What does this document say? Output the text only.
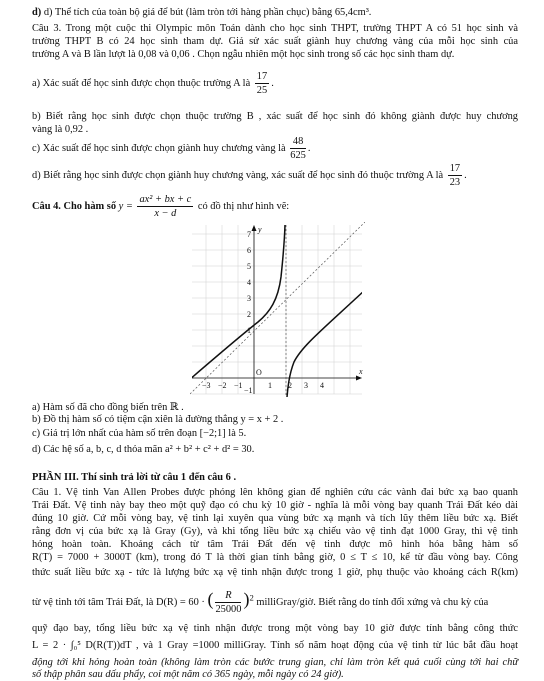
d) d) Thể tích của toàn bộ giá để bút (làm tròn tới hàng phần chục) bằng 65,4cm³.
Câu 3. Trong một cuộc thi Olympic môn Toán dành cho học sinh THPT, trường THPT A có 51 học sinh và
trường THPT B có 24 học sinh tham dự. Giả sử xác suất giành huy chương vàng của mỗi học sinh của
trường A và B lần lượt là 0,08 và 0,06 . Chọn ngẫu nhiên một học sinh trong số các học sinh tham dự.
a) Xác suất để học sinh được chọn thuộc trường A là $\frac{17}{25}$ .
b) Biết rằng học sinh được chọn thuộc trường B , xác suất để học sinh đó không giành được huy chương
vàng là 0,92 .
c) Xác suất để học sinh được chọn giành huy chương vàng là $\frac{48}{625}$ .
d) Biết rằng học sinh được chọn giành huy chương vàng, xác suất để học sinh đó thuộc trường A là $\frac{17}{23}$ .
Câu 4. Cho hàm số $y = \frac{\text{ax² + bx + c}}{x - d}$ có đồ thị như hình vẽ:
x
y
O
−3 −2 −1	1 2 3 4
7
6
5
4
3
2
1
−1
a) Hàm số đã cho đồng biến trên ℝ .
b) Đồ thị hàm số có tiệm cận xiên là đường thẳng y = x + 2 .
c) Giá trị lớn nhất của hàm số trên đoạn [−2;1] là 5.
d) Các hệ số a, b, c, d thỏa mãn a² + b² + c² + d² = 30.
PHẦN III. Thí sinh trả lời từ câu 1 đến câu 6 .
Câu 1. Vệ tinh Van Allen Probes được phóng lên không gian để nghiên cứu các vành đai bức xạ bao quanh
Trái Đất. Vệ tinh này bay theo một quỹ đạo có chu kỳ 10 giờ - nghĩa là mỗi vòng bay quanh Trái Đất kéo dài
đúng 10 giờ. Cứ mỗi vòng bay, vệ tinh lại xuyên qua vùng bức xạ mạnh và tích lũy thêm liều bức xạ. Biết
rằng đơn vị của bức xạ là Gray (Gy), và khi tổng liều bức xạ chiếu vào vệ tinh đạt 1000 Gray, thì vệ tinh
hỏng hoàn toàn. Khoảng cách từ tâm Trái Đất đến vệ tinh được mô hình hóa bằng hàm số
R(T) = 7000 + 3000T (km), trong đó T là thời gian tính bằng giờ, 0 ≤ T ≤ 10, kể từ đầu vòng bay. Công
thức suất liều bức xạ - tức là lượng bức xạ vệ tinh nhận được trong 1 giờ, phụ thuộc vào khoảng cách R(km)
từ vệ tinh tới tâm Trái Đất, là D(R) = 60 · ( $\frac{R}{25000} )^2$ milliGray/giờ. Biết rằng do tính đối xứng và chu kỳ của
quỹ đạo bay, tổng liều bức xạ vệ tinh nhận được trong một vòng bay 10 giờ được tính bằng công thức
L = 2 · ∫₀⁵ D(R(T))dT , và 1 Gray =1000 milliGray. Tính số năm hoạt động của vệ tinh từ lúc bắt đầu hoạt
động tới khi hỏng hoàn toàn (không làm tròn các bước trung gian, chỉ làm tròn kết quả cuối cùng tới hai chữ
số thập phân sau dấu phẩy, coi một năm có 365 ngày, mỗi ngày có 24 giờ).
